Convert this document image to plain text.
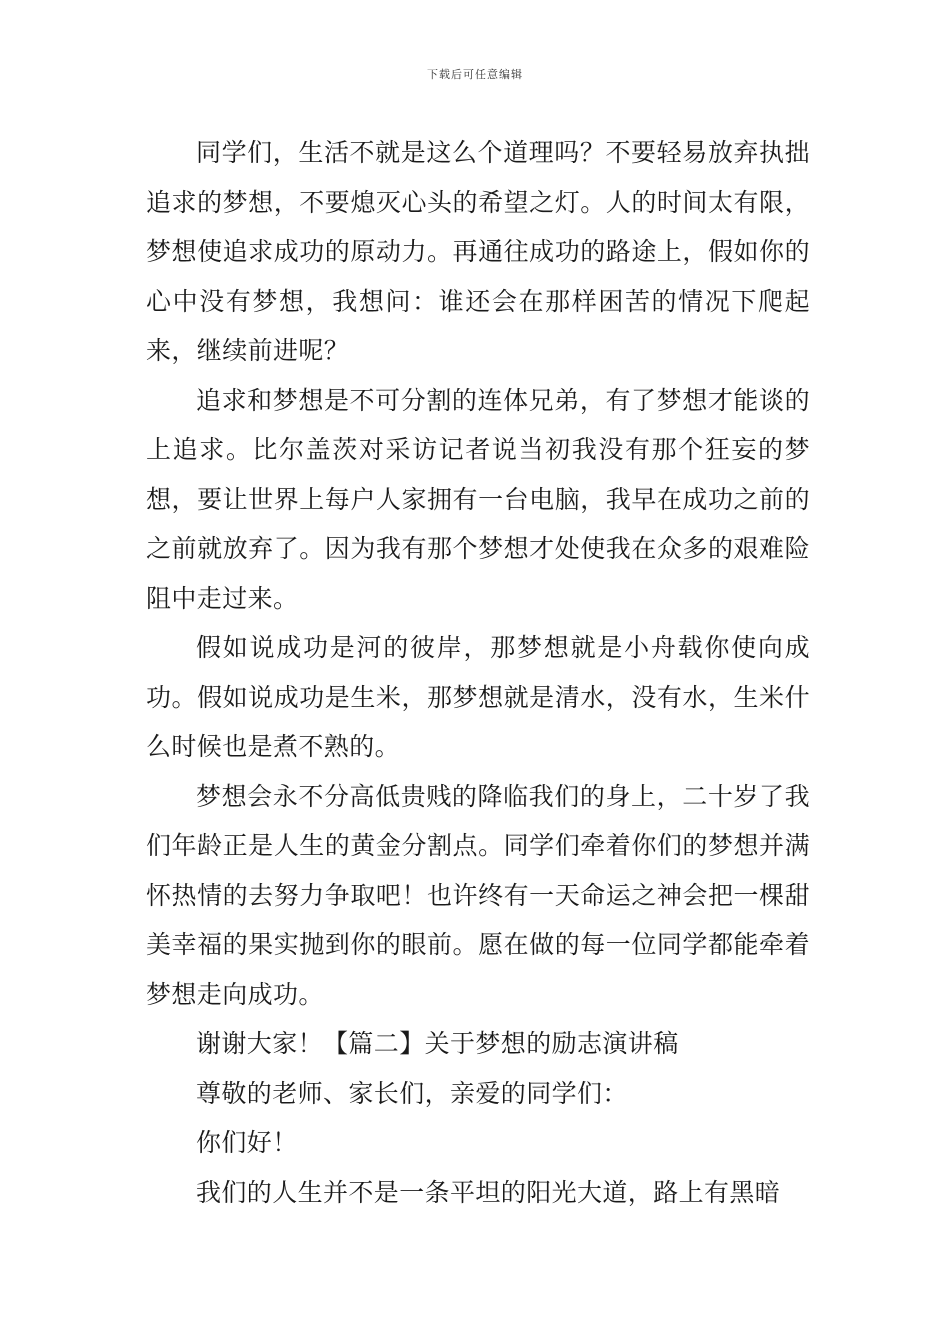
下载后可任意编辑

同学们，生活不就是这么个道理吗？不要轻易放弃执拙追求的梦想，不要熄灭心头的希望之灯。人的时间太有限，梦想使追求成功的原动力。再通往成功的路途上，假如你的心中没有梦想，我想问：谁还会在那样困苦的情况下爬起来，继续前进呢？

追求和梦想是不可分割的连体兄弟，有了梦想才能谈的上追求。比尔盖茨对采访记者说当初我没有那个狂妄的梦想，要让世界上每户人家拥有一台电脑，我早在成功之前的之前就放弃了。因为我有那个梦想才处使我在众多的艰难险阻中走过来。

假如说成功是河的彼岸，那梦想就是小舟载你使向成功。假如说成功是生米，那梦想就是清水，没有水，生米什么时候也是煮不熟的。

梦想会永不分高低贵贱的降临我们的身上，二十岁了我们年龄正是人生的黄金分割点。同学们牵着你们的梦想并满怀热情的去努力争取吧！也许终有一天命运之神会把一棵甜美幸福的果实抛到你的眼前。愿在做的每一位同学都能牵着梦想走向成功。

谢谢大家！【篇二】关于梦想的励志演讲稿

尊敬的老师、家长们，亲爱的同学们：

你们好！

我们的人生并不是一条平坦的阳光大道，路上有黑暗
